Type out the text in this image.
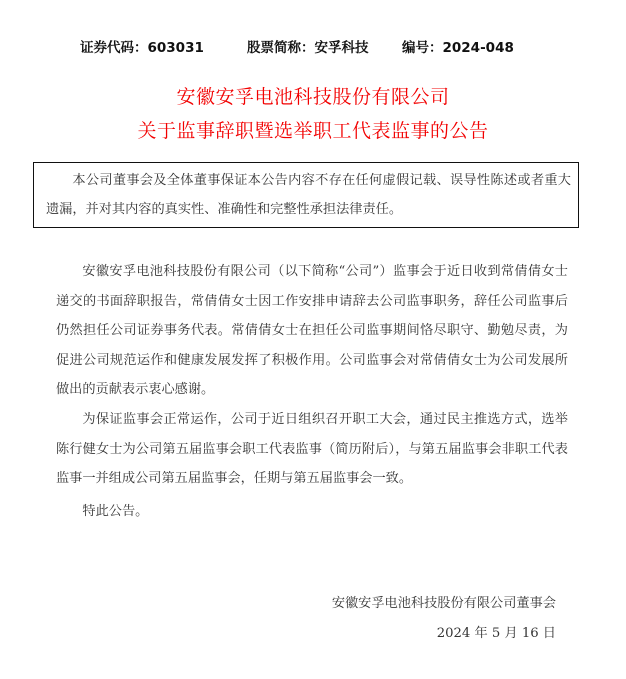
证券代码：603031	股票简称：安孚科技 编号：2024-048
安徽安孚电池科技股份有限公司
关于监事辞职暨选举职工代表监事的公告

本公司董事会及全体董事保证本公告内容不存在任何虚假记载、误导性陈述或者重大遗漏，并对其内容的真实性、准确性和完整性承担法律责任。

安徽安孚电池科技股份有限公司（以下简称“公司”）监事会于近日收到常倩倩女士递交的书面辞职报告，常倩倩女士因工作安排申请辞去公司监事职务，辞任公司监事后仍然担任公司证券事务代表。常倩倩女士在担任公司监事期间恪尽职守、勤勉尽责，为促进公司规范运作和健康发展发挥了积极作用。公司监事会对常倩倩女士为公司发展所做出的贡献表示衷心感谢。

为保证监事会正常运作，公司于近日组织召开职工大会，通过民主推选方式，选举陈行健女士为公司第五届监事会职工代表监事（简历附后），与第五届监事会非职工代表监事一并组成公司第五届监事会，任期与第五届监事会一致。

特此公告。

安徽安孚电池科技股份有限公司董事会
2024 年 5 月 16 日
